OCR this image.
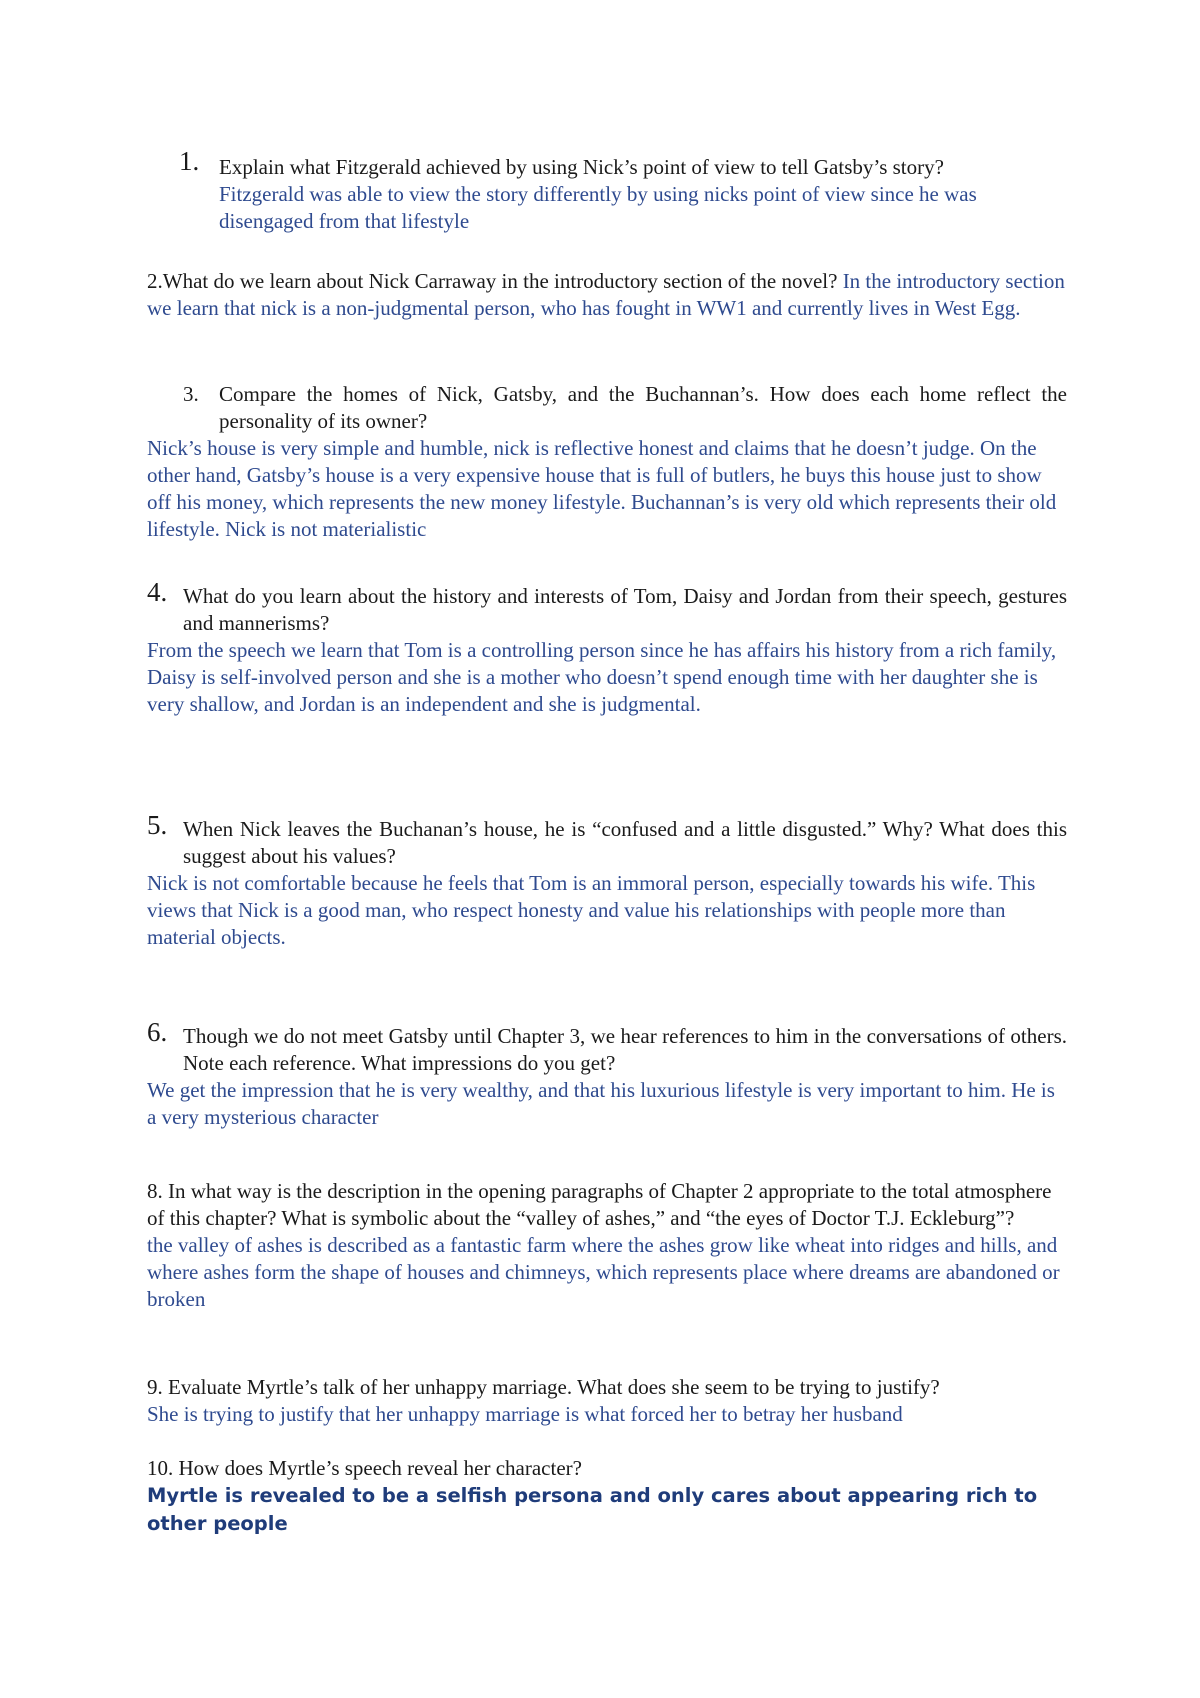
1. Explain what Fitzgerald achieved by using Nick’s point of view to tell Gatsby’s story?

Fitzgerald was able to view the story differently by using nicks point of view since he was disengaged from that lifestyle

2.What do we learn about Nick Carraway in the introductory section of the novel? In the introductory section we learn that nick is a non-judgmental person, who has fought in WW1 and currently lives in West Egg.

3. Compare the homes of Nick, Gatsby, and the Buchannan’s. How does each home reflect the personality of its owner?

Nick’s house is very simple and humble, nick is reflective honest and claims that he doesn’t judge. On the other hand, Gatsby’s house is a very expensive house that is full of butlers, he buys this house just to show off his money, which represents the new money lifestyle. Buchannan’s is very old which represents their old lifestyle. Nick is not materialistic

4. What do you learn about the history and interests of Tom, Daisy and Jordan from their speech, gestures and mannerisms?

From the speech we learn that Tom is a controlling person since he has affairs his history from a rich family, Daisy is self-involved person and she is a mother who doesn’t spend enough time with her daughter she is very shallow, and Jordan is an independent and she is judgmental.

5. When Nick leaves the Buchanan’s house, he is “confused and a little disgusted.” Why? What does this suggest about his values?

Nick is not comfortable because he feels that Tom is an immoral person, especially towards his wife. This views that Nick is a good man, who respect honesty and value his relationships with people more than material objects.

6. Though we do not meet Gatsby until Chapter 3, we hear references to him in the conversations of others. Note each reference. What impressions do you get?

We get the impression that he is very wealthy, and that his luxurious lifestyle is very important to him. He is a very mysterious character

8. In what way is the description in the opening paragraphs of Chapter 2 appropriate to the total atmosphere of this chapter? What is symbolic about the “valley of ashes,” and “the eyes of Doctor T.J. Eckleburg”?

the valley of ashes is described as a fantastic farm where the ashes grow like wheat into ridges and hills, and where ashes form the shape of houses and chimneys, which represents place where dreams are abandoned or broken

9. Evaluate Myrtle’s talk of her unhappy marriage. What does she seem to be trying to justify?

She is trying to justify that her unhappy marriage is what forced her to betray her husband

10. How does Myrtle’s speech reveal her character?

Myrtle is revealed to be a selfish persona and only cares about appearing rich to other people
